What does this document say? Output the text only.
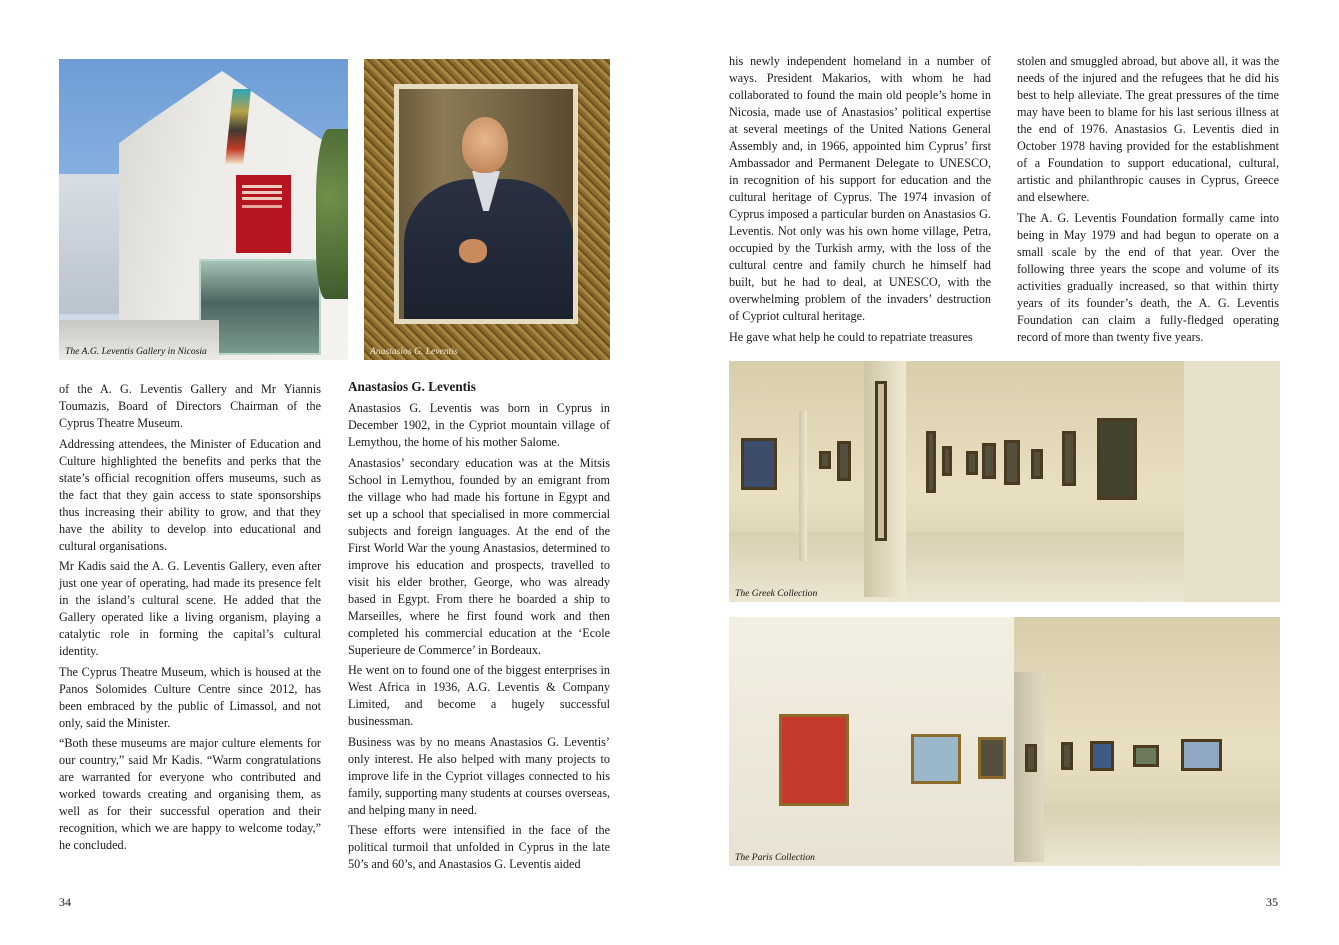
The A.G. Leventis Gallery in Nicosia	Anastasios G. Leventis

of the A. G. Leventis Gallery and Mr Yiannis Toumazis, Board of Directors Chairman of the Cyprus Theatre Museum.

Addressing attendees, the Minister of Education and Culture highlighted the benefits and perks that the state’s official recognition offers museums, such as the fact that they gain access to state sponsorships thus increasing their ability to grow, and that they have the ability to develop into educational and cultural organisations.

Mr Kadis said the A. G. Leventis Gallery, even after just one year of operating, had made its presence felt in the island’s cultural scene. He added that the Gallery operated like a living organism, playing a catalytic role in forming the capital’s cultural identity.

The Cyprus Theatre Museum, which is housed at the Panos Solomides Culture Centre since 2012, has been embraced by the public of Limassol, and not only, said the Minister.

“Both these museums are major culture elements for our country,” said Mr Kadis. “Warm congratulations are warranted for everyone who contributed and worked towards creating and organising them, as well as for their successful operation and their recognition, which we are happy to welcome today,” he concluded.

Anastasios G. Leventis

Anastasios G. Leventis was born in Cyprus in December 1902, in the Cypriot mountain village of Lemythou, the home of his mother Salome.

Anastasios’ secondary education was at the Mitsis School in Lemythou, founded by an emigrant from the village who had made his fortune in Egypt and set up a school that specialised in more commercial subjects and foreign languages. At the end of the First World War the young Anastasios, determined to improve his education and prospects, travelled to visit his elder brother, George, who was already based in Egypt. From there he boarded a ship to Marseilles, where he first found work and then completed his commercial education at the ‘Ecole Superieure de Commerce’ in Bordeaux.

He went on to found one of the biggest enterprises in West Africa in 1936, A.G. Leventis & Company Limited, and become a hugely successful businessman.

Business was by no means Anastasios G. Leventis’ only interest. He also helped with many projects to improve life in the Cypriot villages connected to his family, supporting many students at courses overseas, and helping many in need.

These efforts were intensified in the face of the political turmoil that unfolded in Cyprus in the late 50’s and 60’s, and Anastasios G. Leventis aided

34

his newly independent homeland in a number of ways. President Makarios, with whom he had collaborated to found the main old people’s home in Nicosia, made use of Anastasios’ political expertise at several meetings of the United Nations General Assembly and, in 1966, appointed him Cyprus’ first Ambassador and Permanent Delegate to UNESCO, in recognition of his support for education and the cultural heritage of Cyprus. The 1974 invasion of Cyprus imposed a particular burden on Anastasios G. Leventis. Not only was his own home village, Petra, occupied by the Turkish army, with the loss of the cultural centre and family church he himself had built, but he had to deal, at UNESCO, with the overwhelming problem of the invaders’ destruction of Cypriot cultural heritage.

He gave what help he could to repatriate treasures

stolen and smuggled abroad, but above all, it was the needs of the injured and the refugees that he did his best to help alleviate. The great pressures of the time may have been to blame for his last serious illness at the end of 1976. Anastasios G. Leventis died in October 1978 having provided for the establishment of a Foundation to support educational, cultural, artistic and philanthropic causes in Cyprus, Greece and elsewhere.

The A. G. Leventis Foundation formally came into being in May 1979 and had begun to operate on a small scale by the end of that year. Over the following three years the scope and volume of its activities gradually increased, so that within thirty years of its founder’s death, the A. G. Leventis Foundation can claim a fully-fledged operating record of more than twenty five years.

The Greek Collection
The Paris Collection
35
